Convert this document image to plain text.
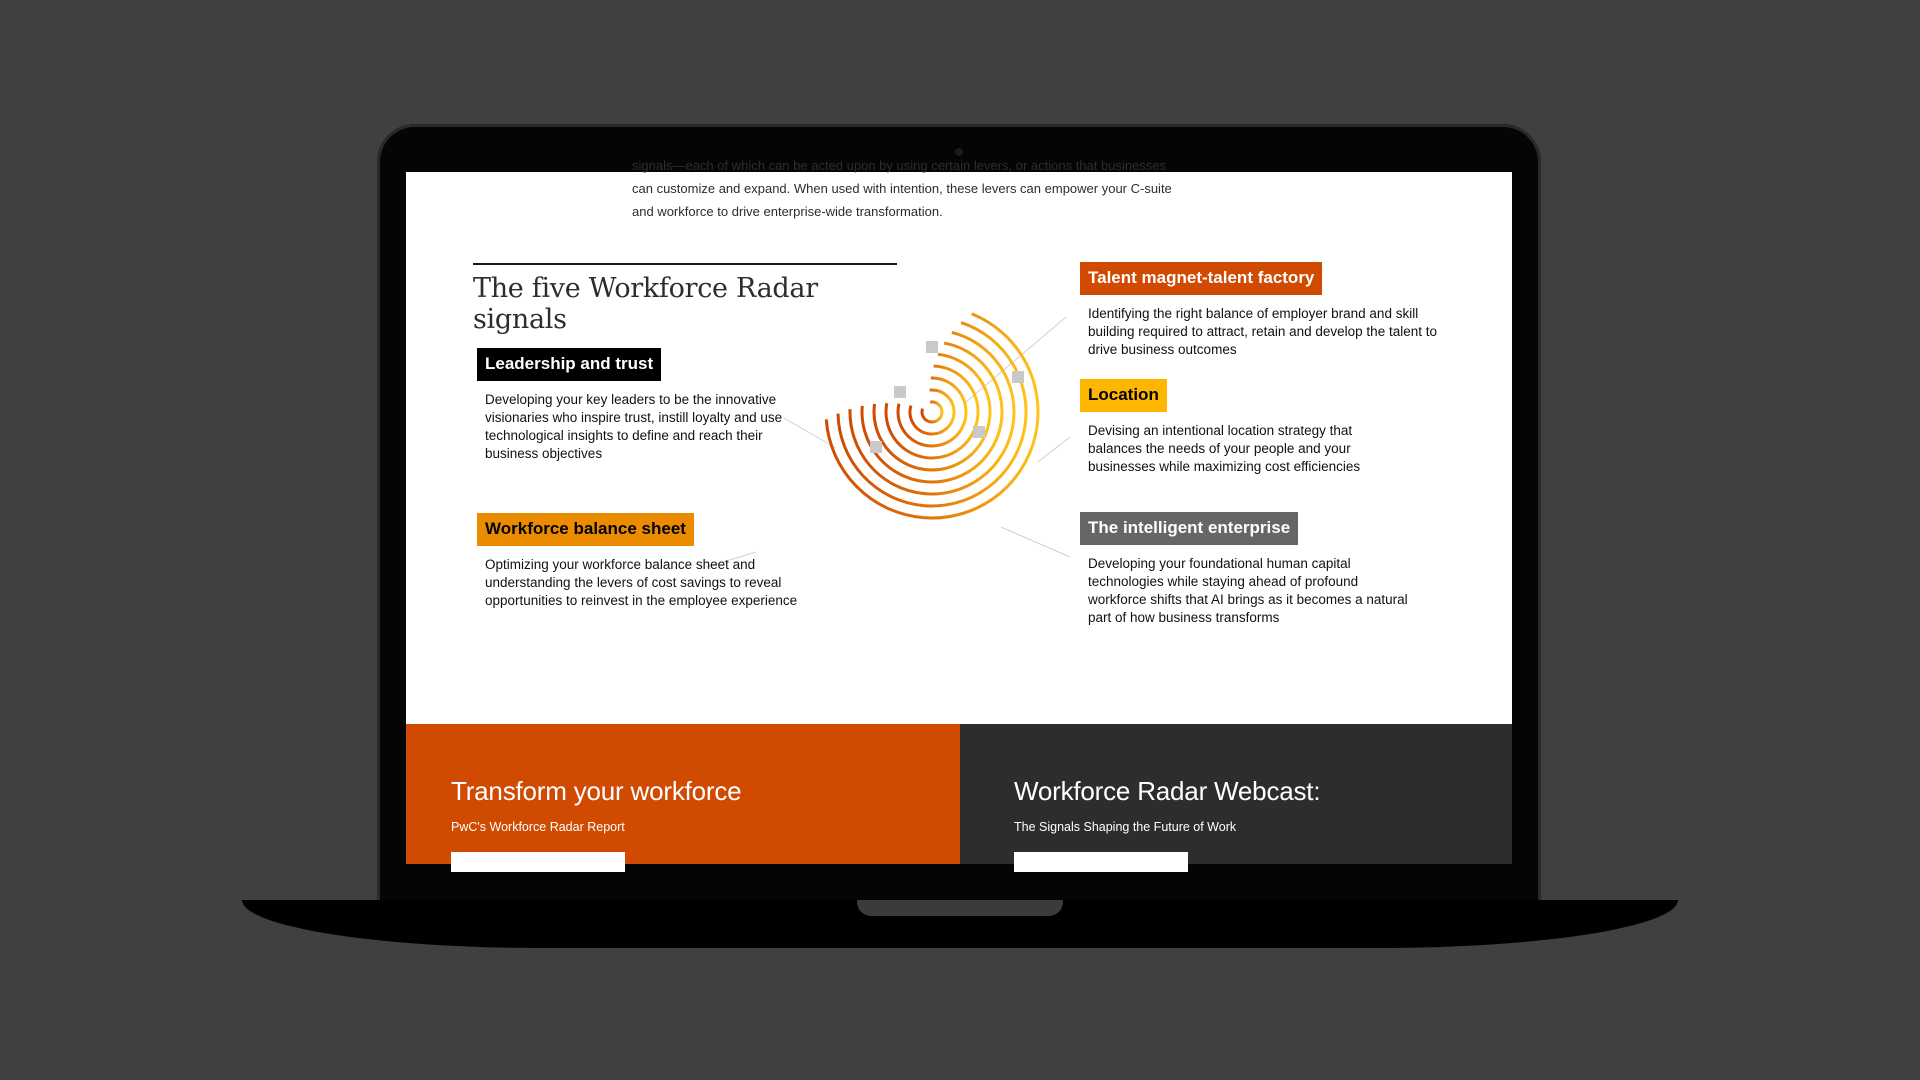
signals—each of which can be acted upon by using certain levers, or actions that businesses

can customize and expand. When used with intention, these levers can empower your C-suite

and workforce to drive enterprise-wide transformation.

The five Workforce Radar signals
Leadership and trust
Developing your key leaders to be the innovative visionaries who inspire trust, instill loyalty and use technological insights to define and reach their business objectives
Workforce balance sheet
Optimizing your workforce balance sheet and understanding the levers of cost savings to reveal opportunities to reinvest in the employee experience
Talent magnet-talent factory
Identifying the right balance of employer brand and skill building required to attract, retain and develop the talent to drive business outcomes
Location
Devising an intentional location strategy that balances the needs of your people and your businesses while maximizing cost efficiencies
The intelligent enterprise
Developing your foundational human capital technologies while staying ahead of profound workforce shifts that AI brings as it becomes a natural part of how business transforms
Transform your workforce
PwC's Workforce Radar Report
Workforce Radar Webcast:
The Signals Shaping the Future of Work
